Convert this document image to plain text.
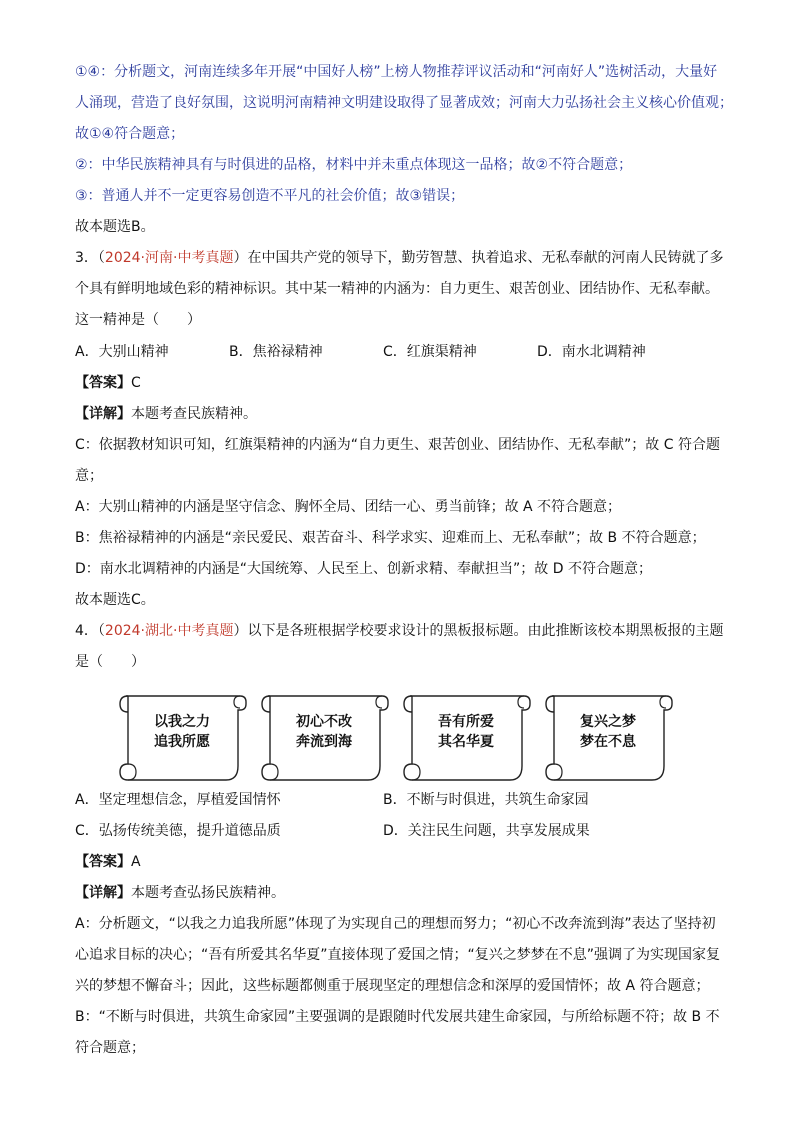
①④：分析题文，河南连续多年开展“中国好人榜”上榜人物推荐评议活动和“河南好人”选树活动，大量好
人涌现，营造了良好氛围，这说明河南精神文明建设取得了显著成效；河南大力弘扬社会主义核心价值观；
故①④符合题意；
②：中华民族精神具有与时俱进的品格，材料中并未重点体现这一品格；故②不符合题意；
③：普通人并不一定更容易创造不平凡的社会价值；故③错误；
故本题选B。
3．（2024·河南·中考真题）在中国共产党的领导下，勤劳智慧、执着追求、无私奉献的河南人民铸就了多
个具有鲜明地域色彩的精神标识。其中某一精神的内涵为：自力更生、艰苦创业、团结协作、无私奉献。
这一精神是（　　）
A．大别山精神	B．焦裕禄精神	C．红旗渠精神	D．南水北调精神
【答案】C
【详解】本题考查民族精神。
C：依据教材知识可知，红旗渠精神的内涵为“自力更生、艰苦创业、团结协作、无私奉献”；故 C 符合题
意；
A：大别山精神的内涵是坚守信念、胸怀全局、团结一心、勇当前锋；故 A 不符合题意；
B：焦裕禄精神的内涵是“亲民爱民、艰苦奋斗、科学求实、迎难而上、无私奉献”；故 B 不符合题意；
D：南水北调精神的内涵是“大国统筹、人民至上、创新求精、奉献担当”；故 D 不符合题意；
故本题选C。
4．（2024·湖北·中考真题）以下是各班根据学校要求设计的黑板报标题。由此推断该校本期黑板报的主题
是（　　）
以我之力
追我所愿
初心不改
奔流到海
吾有所爱
其名华夏
复兴之梦
梦在不息
A．坚定理想信念，厚植爱国情怀	B．不断与时俱进，共筑生命家园
C．弘扬传统美德，提升道德品质	D．关注民生问题，共享发展成果
【答案】A
【详解】本题考查弘扬民族精神。
A：分析题文，“以我之力追我所愿”体现了为实现自己的理想而努力；“初心不改奔流到海”表达了坚持初
心追求目标的决心；“吾有所爱其名华夏”直接体现了爱国之情；“复兴之梦梦在不息”强调了为实现国家复
兴的梦想不懈奋斗；因此，这些标题都侧重于展现坚定的理想信念和深厚的爱国情怀；故 A 符合题意；
B：“不断与时俱进，共筑生命家园”主要强调的是跟随时代发展共建生命家园，与所给标题不符；故 B 不
符合题意；
